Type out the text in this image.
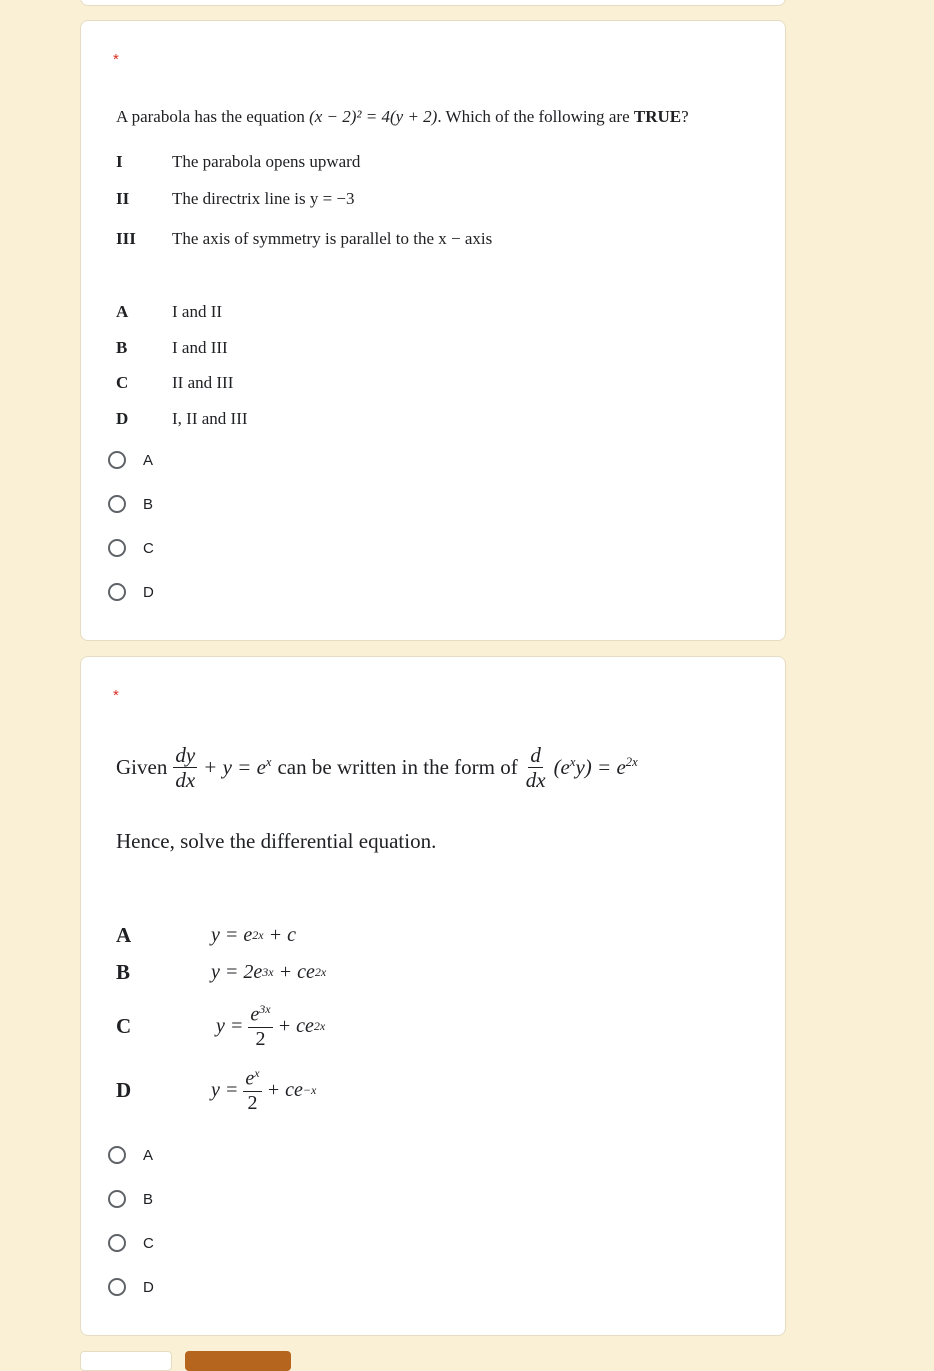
*
A parabola has the equation (x − 2)² = 4(y + 2). Which of the following are TRUE?
I	The parabola opens upward
II	The directrix line is y = −3
III The axis of symmetry is parallel to the x − axis
A	I and II
B	I and III
C	II and III
D	I, II and III
A
B
C
D
*
Given $\frac{dy}{dx} + y = e^x$ can be written in the form of $\frac{d}{dx} (e^xy) = e^{2x}$
Hence, solve the differential equation.
A	y = e 2x + c
B	y = 2e 3x + ce 2x
C	$y = \frac{e^{3x}}{2}$ + ce 2x
D	$y = \frac{e^x}{2}$ + ce −x
A
B
C
D
